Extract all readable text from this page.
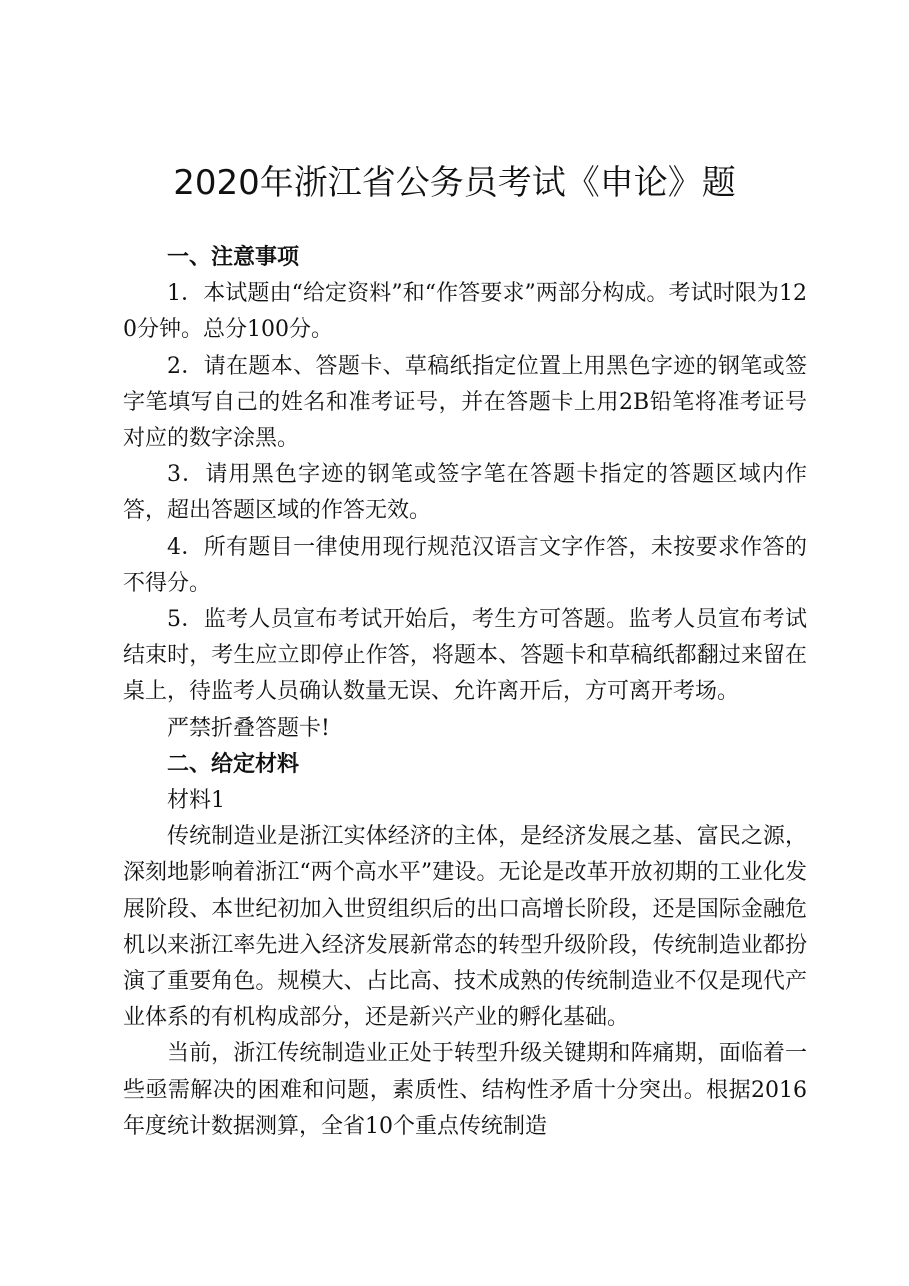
2020年浙江省公务员考试《申论》题

一、注意事项

1．本试题由“给定资料”和“作答要求”两部分构成。考试时限为120分钟。总分100分。

2．请在题本、答题卡、草稿纸指定位置上用黑色字迹的钢笔或签字笔填写自己的姓名和准考证号，并在答题卡上用2B铅笔将准考证号对应的数字涂黑。

3．请用黑色字迹的钢笔或签字笔在答题卡指定的答题区域内作答，超出答题区域的作答无效。

4．所有题目一律使用现行规范汉语言文字作答，未按要求作答的不得分。

5．监考人员宣布考试开始后，考生方可答题。监考人员宣布考试结束时，考生应立即停止作答，将题本、答题卡和草稿纸都翻过来留在桌上，待监考人员确认数量无误、允许离开后，方可离开考场。

严禁折叠答题卡!

二、给定材料

材料1

传统制造业是浙江实体经济的主体，是经济发展之基、富民之源，深刻地影响着浙江“两个高水平”建设。无论是改革开放初期的工业化发展阶段、本世纪初加入世贸组织后的出口高增长阶段，还是国际金融危机以来浙江率先进入经济发展新常态的转型升级阶段，传统制造业都扮演了重要角色。规模大、占比高、技术成熟的传统制造业不仅是现代产业体系的有机构成部分，还是新兴产业的孵化基础。

当前，浙江传统制造业正处于转型升级关键期和阵痛期，面临着一些亟需解决的困难和问题，素质性、结构性矛盾十分突出。根据2016年度统计数据测算，全省10个重点传统制造
